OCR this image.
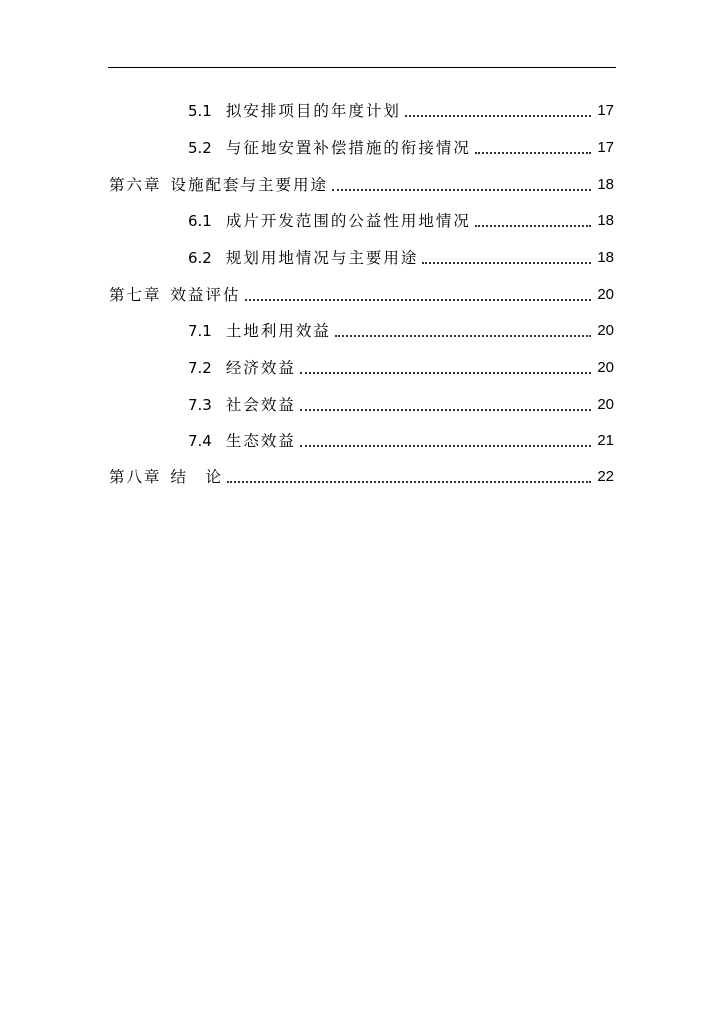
5.1 拟安排项目的年度计划	17
5.2 与征地安置补偿措施的衔接情况	17
第六章 设施配套与主要用途	18
6.1 成片开发范围的公益性用地情况	18
6.2 规划用地情况与主要用途	18
第七章 效益评估	20
7.1 土地利用效益	20
7.2 经济效益	20
7.3 社会效益	20
7.4 生态效益	21
第八章 结　论	22
